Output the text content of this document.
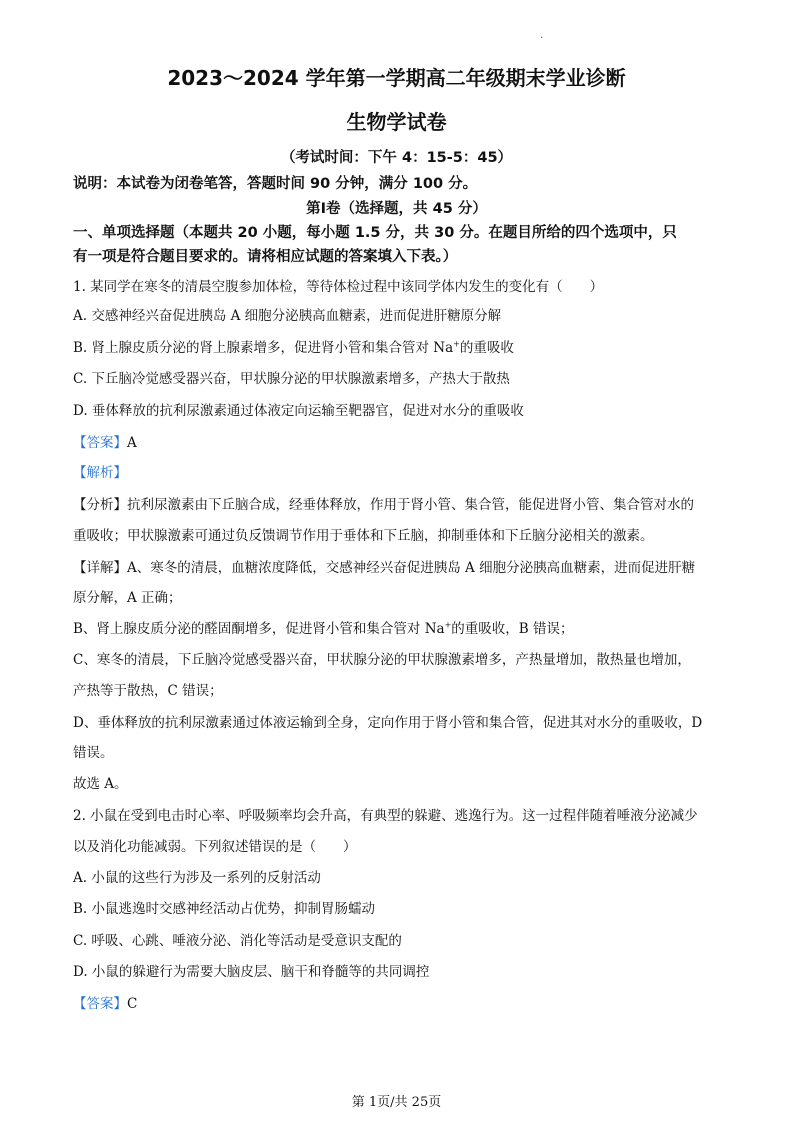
.
2023～2024 学年第一学期高二年级期末学业诊断
生物学试卷
（考试时间：下午 4：15-5：45）
说明：本试卷为闭卷笔答，答题时间 90 分钟，满分 100 分。
第Ⅰ卷（选择题，共 45 分）
一、单项选择题（本题共 20 小题，每小题 1.5 分，共 30 分。在题目所给的四个选项中，只
有一项是符合题目要求的。请将相应试题的答案填入下表。）
1. 某同学在寒冬的清晨空腹参加体检，等待体检过程中该同学体内发生的变化有（　　）
A. 交感神经兴奋促进胰岛 A 细胞分泌胰高血糖素，进而促进肝糖原分解
B. 肾上腺皮质分泌的肾上腺素增多，促进肾小管和集合管对 Na+的重吸收
C. 下丘脑冷觉感受器兴奋，甲状腺分泌的甲状腺激素增多，产热大于散热
D. 垂体释放的抗利尿激素通过体液定向运输至靶器官，促进对水分的重吸收
【答案】A
【解析】
【分析】抗利尿激素由下丘脑合成，经垂体释放，作用于肾小管、集合管，能促进肾小管、集合管对水的
重吸收；甲状腺激素可通过负反馈调节作用于垂体和下丘脑，抑制垂体和下丘脑分泌相关的激素。
【详解】A、寒冬的清晨，血糖浓度降低，交感神经兴奋促进胰岛 A 细胞分泌胰高血糖素，进而促进肝糖
原分解，A 正确；
B、肾上腺皮质分泌的醛固酮增多，促进肾小管和集合管对 Na+的重吸收，B 错误；
C、寒冬的清晨，下丘脑冷觉感受器兴奋，甲状腺分泌的甲状腺激素增多，产热量增加，散热量也增加，
产热等于散热，C 错误；
D、垂体释放的抗利尿激素通过体液运输到全身，定向作用于肾小管和集合管，促进其对水分的重吸收，D
错误。
故选 A。
2. 小鼠在受到电击时心率、呼吸频率均会升高，有典型的躲避、逃逸行为。这一过程伴随着唾液分泌减少
以及消化功能减弱。下列叙述错误的是（　　）
A. 小鼠的这些行为涉及一系列的反射活动
B. 小鼠逃逸时交感神经活动占优势，抑制胃肠蠕动
C. 呼吸、心跳、唾液分泌、消化等活动是受意识支配的
D. 小鼠的躲避行为需要大脑皮层、脑干和脊髓等的共同调控
【答案】C
第 1页/共 25页
